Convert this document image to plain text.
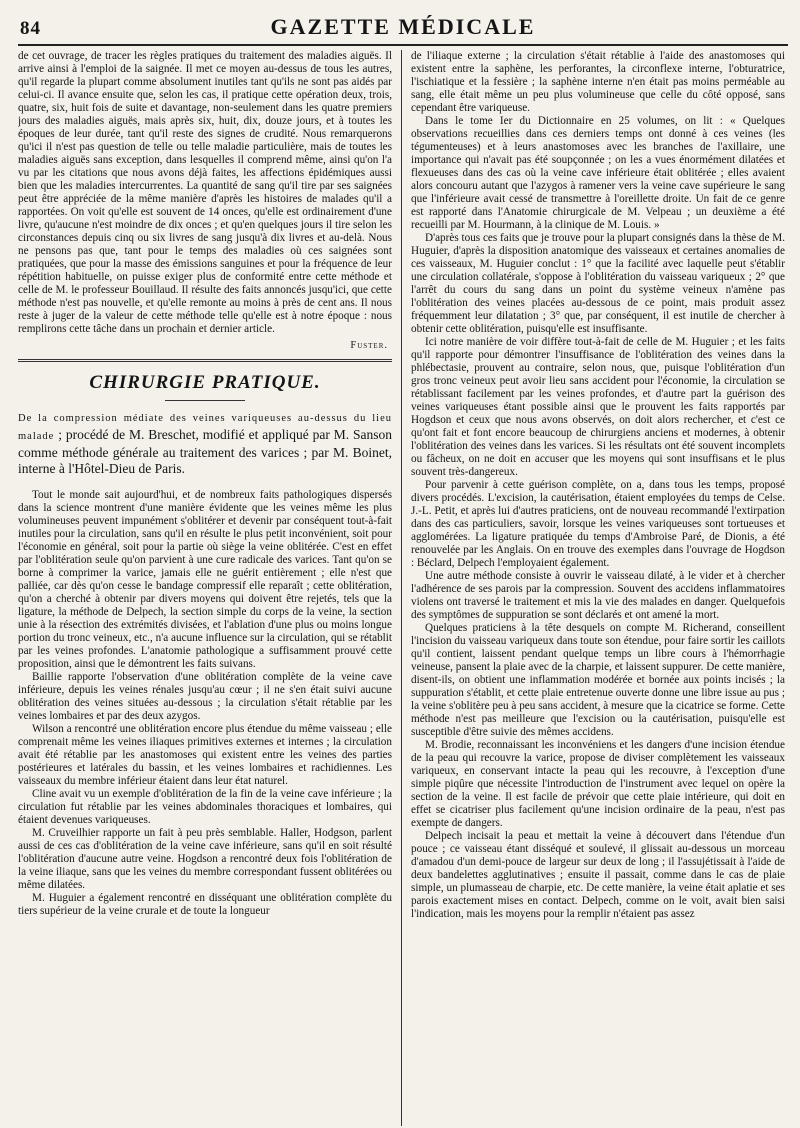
84	GAZETTE MÉDICALE

de cet ouvrage, de tracer les règles pratiques du traitement des maladies aiguës. Il arrive ainsi à l'emploi de la saignée. Il met ce moyen au-dessus de tous les autres, qu'il regarde la plupart comme absolument inutiles tant qu'ils ne sont pas aidés par celui-ci. Il avance ensuite que, selon les cas, il pratique cette opération deux, trois, quatre, six, huit fois de suite et davantage, non-seulement dans les quatre premiers jours des maladies aiguës, mais après six, huit, dix, douze jours, et à toutes les époques de leur durée, tant qu'il reste des signes de crudité. Nous remarquerons qu'ici il n'est pas question de telle ou telle maladie particulière, mais de toutes les maladies aiguës sans exception, dans lesquelles il comprend même, ainsi qu'on l'a vu par les citations que nous avons déjà faites, les affections épidémiques aussi bien que les maladies intercurrentes. La quantité de sang qu'il tire par ses saignées peut être appréciée de la même manière d'après les histoires de malades qu'il a rapportées. On voit qu'elle est souvent de 14 onces, qu'elle est ordinairement d'une livre, qu'aucune n'est moindre de dix onces ; et qu'en quelques jours il tire selon les circonstances depuis cinq ou six livres de sang jusqu'à dix livres et au-delà. Nous ne pensons pas que, tant pour le temps des maladies où ces saignées sont pratiquées, que pour la masse des émissions sanguines et pour la fréquence de leur répétition habituelle, on puisse exiger plus de conformité entre cette méthode et celle de M. le professeur Bouillaud. Il résulte des faits annoncés jusqu'ici, que cette méthode n'est pas nouvelle, et qu'elle remonte au moins à près de cent ans. Il nous reste à juger de la valeur de cette méthode telle qu'elle est à notre époque : nous remplirons cette tâche dans un prochain et dernier article.

Fuster.
CHIRURGIE PRATIQUE.
De la compression médiate des veines variqueuses au-dessus du lieu malade ; procédé de M. Breschet, modifié et appliqué par M. Sanson comme méthode générale au traitement des varices ; par M. Boinet, interne à l'Hôtel-Dieu de Paris.

Tout le monde sait aujourd'hui, et de nombreux faits pathologiques dispersés dans la science montrent d'une manière évidente que les veines même les plus volumineuses peuvent impunément s'oblitérer et devenir par conséquent tout-à-fait inutiles pour la circulation, sans qu'il en résulte le plus petit inconvénient, soit pour l'économie en général, soit pour la partie où siège la veine oblitérée. C'est en effet par l'oblitération seule qu'on parvient à une cure radicale des varices. Tant qu'on se borne à comprimer la varice, jamais elle ne guérit entièrement ; elle n'est que palliée, car dès qu'on cesse le bandage compressif elle reparaît ; cette oblitération, qu'on a cherché à obtenir par divers moyens qui doivent être rejetés, tels que la ligature, la méthode de Delpech, la section simple du corps de la veine, la section unie à la résection des extrémités divisées, et l'ablation d'une plus ou moins longue portion du tronc veineux, etc., n'a aucune influence sur la circulation, qui se rétablit par les veines profondes. L'anatomie pathologique a suffisamment prouvé cette proposition, ainsi que le démontrent les faits suivans.

Baillie rapporte l'observation d'une oblitération complète de la veine cave inférieure, depuis les veines rénales jusqu'au cœur ; il ne s'en était suivi aucune oblitération des veines situées au-dessous ; la circulation s'était rétablie par les veines lombaires et par des deux azygos.

Wilson a rencontré une oblitération encore plus étendue du même vaisseau ; elle comprenait même les veines iliaques primitives externes et internes ; la circulation avait été rétablie par les anastomoses qui existent entre les veines des parties postérieures et latérales du bassin, et les veines lombaires et rachidiennes. Les vaisseaux du membre inférieur étaient dans leur état naturel.

Cline avait vu un exemple d'oblitération de la fin de la veine cave inférieure ; la circulation fut rétablie par les veines abdominales thoraciques et lombaires, qui étaient devenues variqueuses.

M. Cruveilhier rapporte un fait à peu près semblable. Haller, Hodgson, parlent aussi de ces cas d'oblitération de la veine cave inférieure, sans qu'il en soit résulté l'oblitération d'aucune autre veine. Hogdson a rencontré deux fois l'oblitération de la veine iliaque, sans que les veines du membre correspondant fussent oblitérées ou même dilatées.

M. Huguier a également rencontré en disséquant une oblitération complète du tiers supérieur de la veine crurale et de toute la longueur

de l'iliaque externe ; la circulation s'était rétablie à l'aide des anastomoses qui existent entre la saphène, les perforantes, la circonflexe interne, l'obturatrice, l'ischiatique et la fessière ; la saphène interne n'en était pas moins perméable au sang, elle était même un peu plus volumineuse que celle du côté opposé, sans cependant être variqueuse.

Dans le tome Ier du Dictionnaire en 25 volumes, on lit : « Quelques observations recueillies dans ces derniers temps ont donné à ces veines (les tégumenteuses) et à leurs anastomoses avec les branches de l'axillaire, une importance qui n'avait pas été soupçonnée ; on les a vues énormément dilatées et flexueuses dans des cas où la veine cave inférieure était oblitérée ; elles avaient alors concouru autant que l'azygos à ramener vers la veine cave supérieure le sang que l'inférieure avait cessé de transmettre à l'oreillette droite. Un fait de ce genre est rapporté dans l'Anatomie chirurgicale de M. Velpeau ; un deuxième a été recueilli par M. Hourmann, à la clinique de M. Louis. »

D'après tous ces faits que je trouve pour la plupart consignés dans la thèse de M. Huguier, d'après la disposition anatomique des vaisseaux et certaines anomalies de ces vaisseaux, M. Huguier conclut : 1° que la facilité avec laquelle peut s'établir une circulation collatérale, s'oppose à l'oblitération du vaisseau variqueux ; 2° que l'arrêt du cours du sang dans un point du système veineux n'amène pas l'oblitération des veines placées au-dessous de ce point, mais produit assez fréquemment leur dilatation ; 3° que, par conséquent, il est inutile de chercher à obtenir cette oblitération, puisqu'elle est insuffisante.

Ici notre manière de voir diffère tout-à-fait de celle de M. Huguier ; et les faits qu'il rapporte pour démontrer l'insuffisance de l'oblitération des veines dans la phlébectasie, prouvent au contraire, selon nous, que, puisque l'oblitération d'un gros tronc veineux peut avoir lieu sans accident pour l'économie, la circulation se rétablissant facilement par les veines profondes, et d'autre part la guérison des veines variqueuses étant possible ainsi que le prouvent les faits rapportés par Hogdson et ceux que nous avons observés, on doit alors rechercher, et c'est ce qu'ont fait et font encore beaucoup de chirurgiens anciens et modernes, à obtenir l'oblitération des veines dans les varices. Si les résultats ont été souvent incomplets ou fâcheux, on ne doit en accuser que les moyens qui sont insuffisans et le plus souvent très-dangereux.

Pour parvenir à cette guérison complète, on a, dans tous les temps, proposé divers procédés. L'excision, la cautérisation, étaient employées du temps de Celse. J.-L. Petit, et après lui d'autres praticiens, ont de nouveau recommandé l'extirpation dans des cas particuliers, savoir, lorsque les veines variqueuses sont tortueuses et agglomérées. La ligature pratiquée du temps d'Ambroise Paré, de Dionis, a été renouvelée par les Anglais. On en trouve des exemples dans l'ouvrage de Hogdson : Béclard, Delpech l'employaient également.

Une autre méthode consiste à ouvrir le vaisseau dilaté, à le vider et à chercher l'adhérence de ses parois par la compression. Souvent des accidens inflammatoires violens ont traversé le traitement et mis la vie des malades en danger. Quelquefois des symptômes de suppuration se sont déclarés et ont amené la mort.

Quelques praticiens à la tête desquels on compte M. Richerand, conseillent l'incision du vaisseau variqueux dans toute son étendue, pour faire sortir les caillots qu'il contient, laissent pendant quelque temps un libre cours à l'hémorrhagie veineuse, pansent la plaie avec de la charpie, et laissent suppurer. De cette manière, disent-ils, on obtient une inflammation modérée et bornée aux points incisés ; la suppuration s'établit, et cette plaie entretenue ouverte donne une libre issue au pus ; la veine s'oblitère peu à peu sans accident, à mesure que la cicatrice se forme. Cette méthode n'est pas meilleure que l'excision ou la cautérisation, puisqu'elle est susceptible d'être suivie des mêmes accidens.

M. Brodie, reconnaissant les inconvéniens et les dangers d'une incision étendue de la peau qui recouvre la varice, propose de diviser complètement les vaisseaux variqueux, en conservant intacte la peau qui les recouvre, à l'exception d'une simple piqûre que nécessite l'introduction de l'instrument avec lequel on opère la section de la veine. Il est facile de prévoir que cette plaie intérieure, qui doit en effet se cicatriser plus facilement qu'une incision ordinaire de la peau, n'est pas exempte de dangers.

Delpech incisait la peau et mettait la veine à découvert dans l'étendue d'un pouce ; ce vaisseau étant disséqué et soulevé, il glissait au-dessous un morceau d'amadou d'un demi-pouce de largeur sur deux de long ; il l'assujétissait à l'aide de deux bandelettes agglutinatives ; ensuite il passait, comme dans le cas de plaie simple, un plumasseau de charpie, etc. De cette manière, la veine était aplatie et ses parois exactement mises en contact. Delpech, comme on le voit, avait bien saisi l'indication, mais les moyens pour la remplir n'étaient pas assez
